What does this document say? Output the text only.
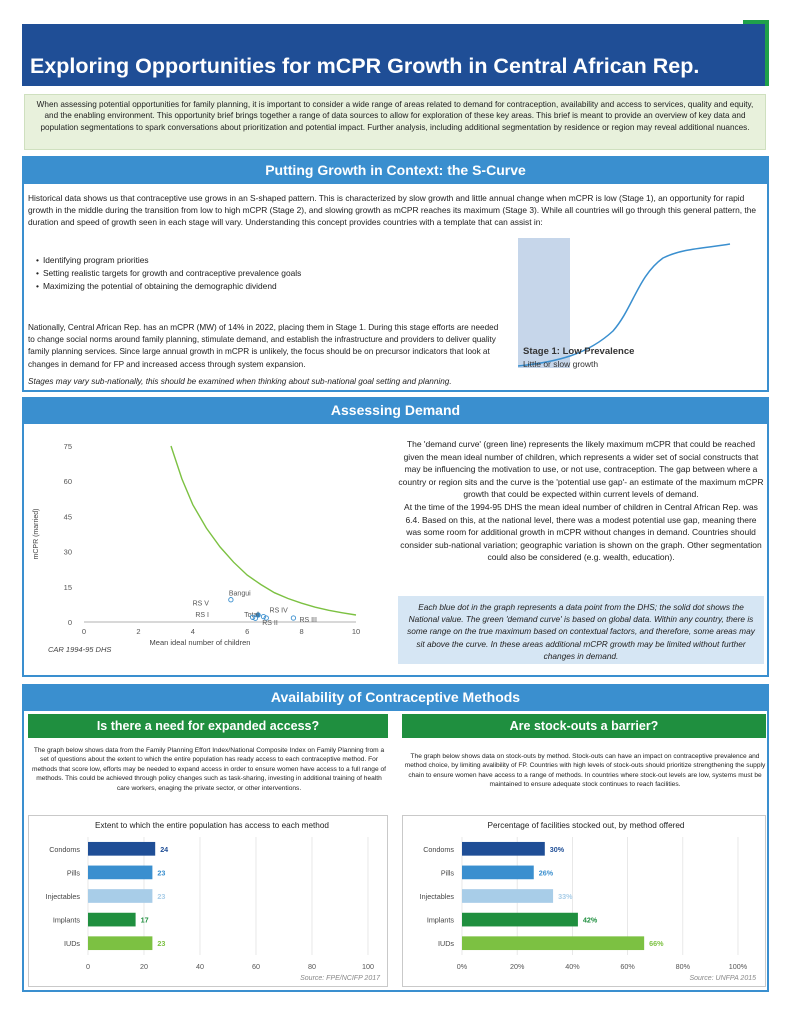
Exploring Opportunities for mCPR Growth in Central African Rep.
When assessing potential opportunities for family planning, it is important to consider a wide range of areas related to demand for contraception, availability and access to services, quality and equity, and the enabling environment. This opportunity brief brings together a range of data sources to allow for exploration of these key areas. This brief is meant to provide an overview of key data and population segmentations to spark conversations about prioritization and potential impact. Further analysis, including additional segmentation by residence or region may reveal additional nuances.
Putting Growth in Context: the S-Curve
Historical data shows us that contraceptive use grows in an S-shaped pattern. This is characterized by slow growth and little annual change when mCPR is low (Stage 1), an opportunity for rapid growth in the middle during the transition from low to high mCPR (Stage 2), and slowing growth as mCPR reaches its maximum (Stage 3). While all countries will go through this general pattern, the duration and speed of growth seen in each stage will vary. Understanding this concept provides countries with a template that can assist in:
• Identifying program priorities
• Setting realistic targets for growth and contraceptive prevalence goals
• Maximizing the potential of obtaining the demographic dividend
Nationally, Central African Rep. has an mCPR (MW) of 14% in 2022, placing them in Stage 1. During this stage efforts are needed to change social norms around family planning, stimulate demand, and establish the infrastructure and providers to deliver quality family planning services. Since large annual growth in mCPR is unlikely, the focus should be on precursor indicators that look at changes in demand for FP and increased access through system expansion.
Stages may vary sub-nationally, this should be examined when thinking about sub-national goal setting and planning.
Stage 1: Low Prevalence
Little or slow growth
Assessing Demand
0
15
30
45
60
75
0	2	4	6	8	10
Mean ideal number of children
mCPR (married)
CAR 1994-95 DHS
Bangui
Total
RS V
RS I
RS IV
RS II	RS III
The 'demand curve' (green line) represents the likely maximum mCPR that could be reached given the mean ideal number of children, which represents a wider set of social constructs that may be influencing the motivation to use, or not use, contraception. The gap between where a country or region sits and the curve is the 'potential use gap'- an estimate of the maximum mCPR growth that could be expected within current levels of demand.
At the time of the 1994-95 DHS the mean ideal number of children in Central African Rep. was 6.4. Based on this, at the national level, there was a modest potential use gap, meaning there was some room for additional growth in mCPR without changes in demand. Countries should consider sub-national variation; geographic variation is shown on the graph. Other segmentation could also be considered (e.g. wealth, education).
Each blue dot in the graph represents a data point from the DHS; the solid dot shows the National value. The green 'demand curve' is based on global data. Within any country, there is some range on the true maximum based on contextual factors, and therefore, some areas may sit above the curve. In these areas additional mCPR growth may be limited without further changes in demand.
Availability of Contraceptive Methods
Is there a need for expanded access?	Are stock-outs a barrier?
The graph below shows data from the Family Planning Effort Index/National Composite Index on Family Planning from a set of questions about the extent to which the entire population has ready access to each contraceptive method. For methods that score low, efforts may be needed to expand access in order to ensure women have access to a full range of methods. This could be achieved through policy changes such as task-sharing, investing in additional training of health care workers, enaging the private sector, or other interventions.
The graph below shows data on stock-outs by method. Stock-outs can have an impact on contraceptive prevalence and method choice, by limiting avalibility of FP. Countries with high levels of stock-outs should prioritize strengthening the supply chain to ensure women have access to a range of methods. In countries where stock-out levels are low, systems must be maintained to ensure adequate stock continues to reach facilities.
Extent to which the entire population has access to each method
0	20	40	60	80	100
Condoms	24
Pills	23
Injectables	23
Implants	17
IUDs	23
Source: FPE/NCIFP 2017
Percentage of facilities stocked out, by method offered
0%	20%	40%	60%	80%	100%
Condoms	30%
Pills	26%
Injectables	33%
Implants	42%
IUDs	66%
Source: UNFPA 2015
